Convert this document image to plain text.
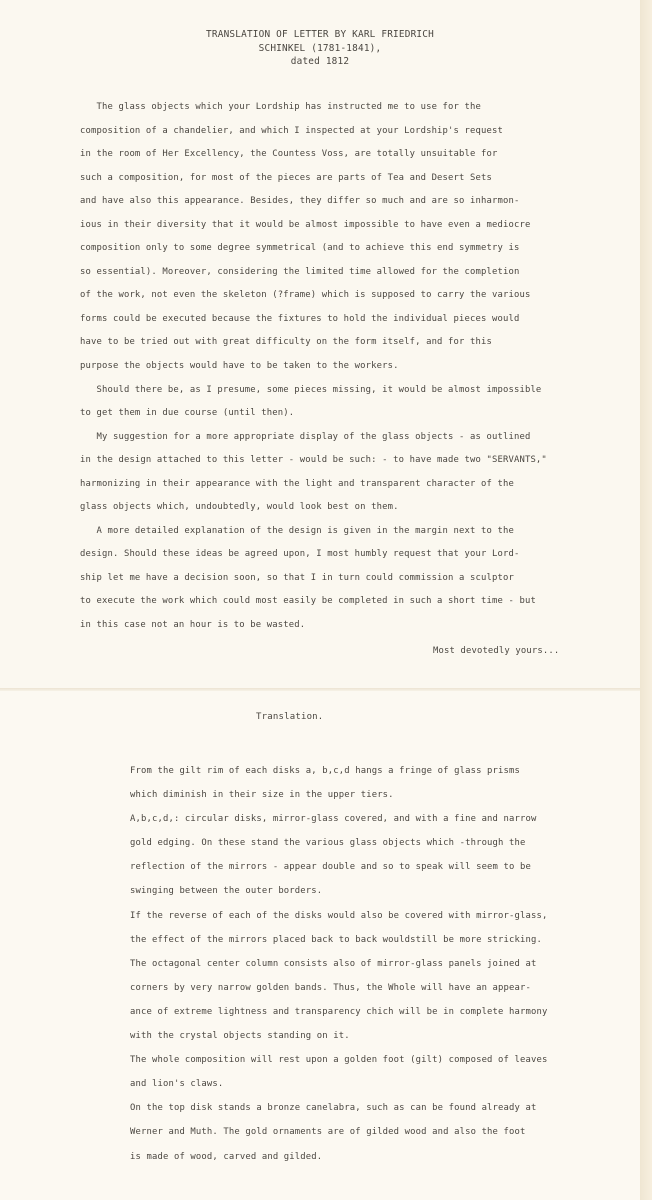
TRANSLATION OF LETTER BY KARL FRIEDRICH
SCHINKEL (1781-1841),
dated 1812
The glass objects which your Lordship has instructed me to use for the
composition of a chandelier, and which I inspected at your Lordship's request
in the room of Her Excellency, the Countess Voss, are totally unsuitable for
such a composition, for most of the pieces are parts of Tea and Desert Sets
and have also this appearance. Besides, they differ so much and are so inharmon-
ious in their diversity that it would be almost impossible to have even a mediocre
composition only to some degree symmetrical (and to achieve this end symmetry is
so essential). Moreover, considering the limited time allowed for the completion
of the work, not even the skeleton (?frame) which is supposed to carry the various
forms could be executed because the fixtures to hold the individual pieces would
have to be tried out with great difficulty on the form itself, and for this
purpose the objects would have to be taken to the workers.
Should there be, as I presume, some pieces missing, it would be almost impossible
to get them in due course (until then).
My suggestion for a more appropriate display of the glass objects - as outlined
in the design attached to this letter - would be such: - to have made two "SERVANTS,"
harmonizing in their appearance with the light and transparent character of the
glass objects which, undoubtedly, would look best on them.
A more detailed explanation of the design is given in the margin next to the
design. Should these ideas be agreed upon, I most humbly request that your Lord-
ship let me have a decision soon, so that I in turn could commission a sculptor
to execute the work which could most easily be completed in such a short time - but
in this case not an hour is to be wasted.
Most devotedly yours...
Translation.
From the gilt rim of each disks a, b,c,d hangs a fringe of glass prisms
which diminish in their size in the upper tiers.
A,b,c,d,: circular disks, mirror-glass covered, and with a fine and narrow
gold edging. On these stand the various glass objects which -through the
reflection of the mirrors - appear double and so to speak will seem to be
swinging between the outer borders.
If the reverse of each of the disks would also be covered with mirror-glass,
the effect of the mirrors placed back to back wouldstill be more stricking.
The octagonal center column consists also of mirror-glass panels joined at
corners by very narrow golden bands. Thus, the Whole will have an appear-
ance of extreme lightness and transparency chich will be in complete harmony
with the crystal objects standing on it.
The whole composition will rest upon a golden foot (gilt) composed of leaves
and lion's claws.
On the top disk stands a bronze canelabra, such as can be found already at
Werner and Muth. The gold ornaments are of gilded wood and also the foot
is made of wood, carved and gilded.
